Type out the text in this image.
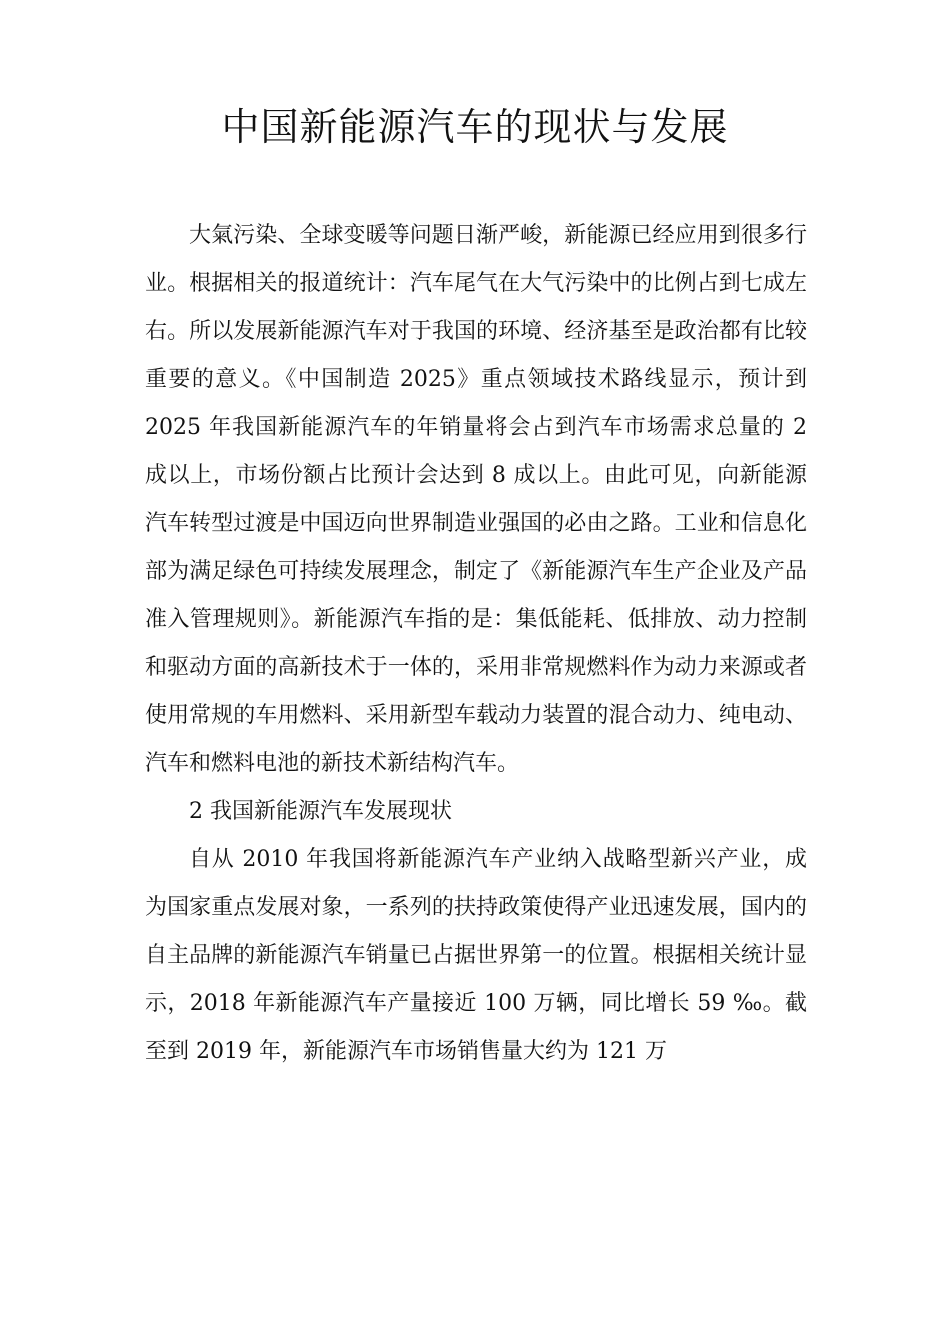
中国新能源汽车的现状与发展

大氣污染、全球变暖等问题日渐严峻，新能源已经应用到很多行业。根据相关的报道统计：汽车尾气在大气污染中的比例占到七成左右。所以发展新能源汽车对于我国的环境、经济基至是政治都有比较重要的意义。《中国制造 2025》重点领域技术路线显示，预计到 2025 年我国新能源汽车的年销量将会占到汽车市场需求总量的 2 成以上，市场份额占比预计会达到 8 成以上。由此可见，向新能源汽车转型过渡是中国迈向世界制造业强国的必由之路。工业和信息化部为满足绿色可持续发展理念，制定了《新能源汽车生产企业及产品准入管理规则》。新能源汽车指的是：集低能耗、低排放、动力控制和驱动方面的高新技术于一体的，采用非常规燃料作为动力来源或者使用常规的车用燃料、采用新型车载动力装置的混合动力、纯电动、汽车和燃料电池的新技术新结构汽车。

2 我国新能源汽车发展现状

自从 2010 年我国将新能源汽车产业纳入战略型新兴产业，成为国家重点发展对象，一系列的扶持政策使得产业迅速发展，国内的自主品牌的新能源汽车销量已占据世界第一的位置。根据相关统计显示，2018 年新能源汽车产量接近 100 万辆，同比增长 59 ‰。截至到 2019 年，新能源汽车市场销售量大约为 121 万
